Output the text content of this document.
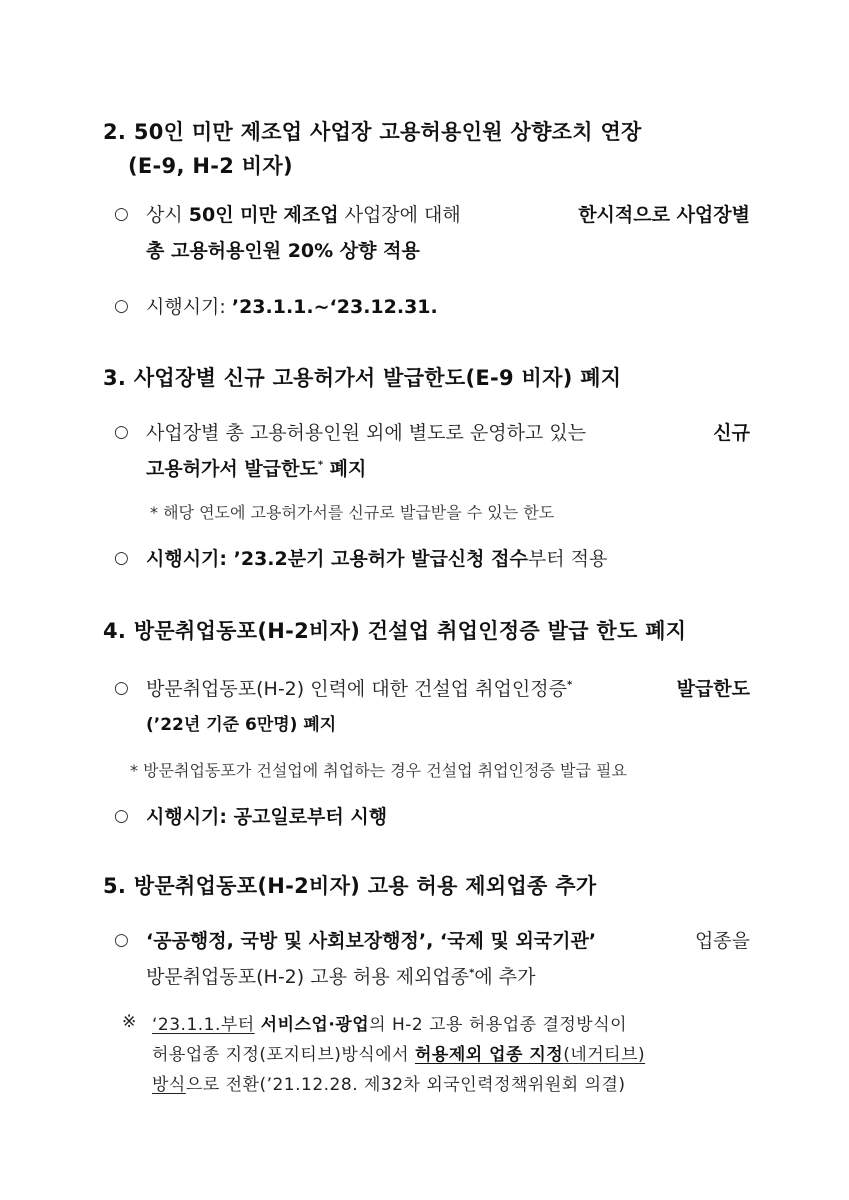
2. 50인 미만 제조업 사업장 고용허용인원 상향조치 연장
(E-9, H-2 비자)
○ 상시 50인 미만 제조업 사업장에 대해	한시적으로 사업장별
총 고용허용인원 20% 상향 적용
○ 시행시기: ’23.1.1.~‘23.12.31.
3. 사업장별 신규 고용허가서 발급한도(E-9 비자) 폐지
○ 사업장별 총 고용허용인원 외에 별도로 운영하고 있는	신규
고용허가서 발급한도* 폐지
* 해당 연도에 고용허가서를 신규로 발급받을 수 있는 한도
○ 시행시기: ’23.2분기 고용허가 발급신청 접수부터 적용
4. 방문취업동포(H-2비자) 건설업 취업인정증 발급 한도 폐지
○ 방문취업동포(H-2) 인력에 대한 건설업 취업인정증*	발급한도
(’22년 기준 6만명) 폐지
* 방문취업동포가 건설업에 취업하는 경우 건설업 취업인정증 발급 필요
○ 시행시기: 공고일로부터 시행
5. 방문취업동포(H-2비자) 고용 허용 제외업종 추가
○ ‘공공행정, 국방 및 사회보장행정’, ‘국제 및 외국기관’	업종을
방문취업동포(H-2) 고용 허용 제외업종*에 추가
※ ‘23.1.1.부터 서비스업·광업의 H-2 고용 허용업종 결정방식이
허용업종 지정(포지티브)방식에서 허용제외 업종 지정(네거티브)
방식으로 전환(’21.12.28. 제32차 외국인력정책위원회 의결)
